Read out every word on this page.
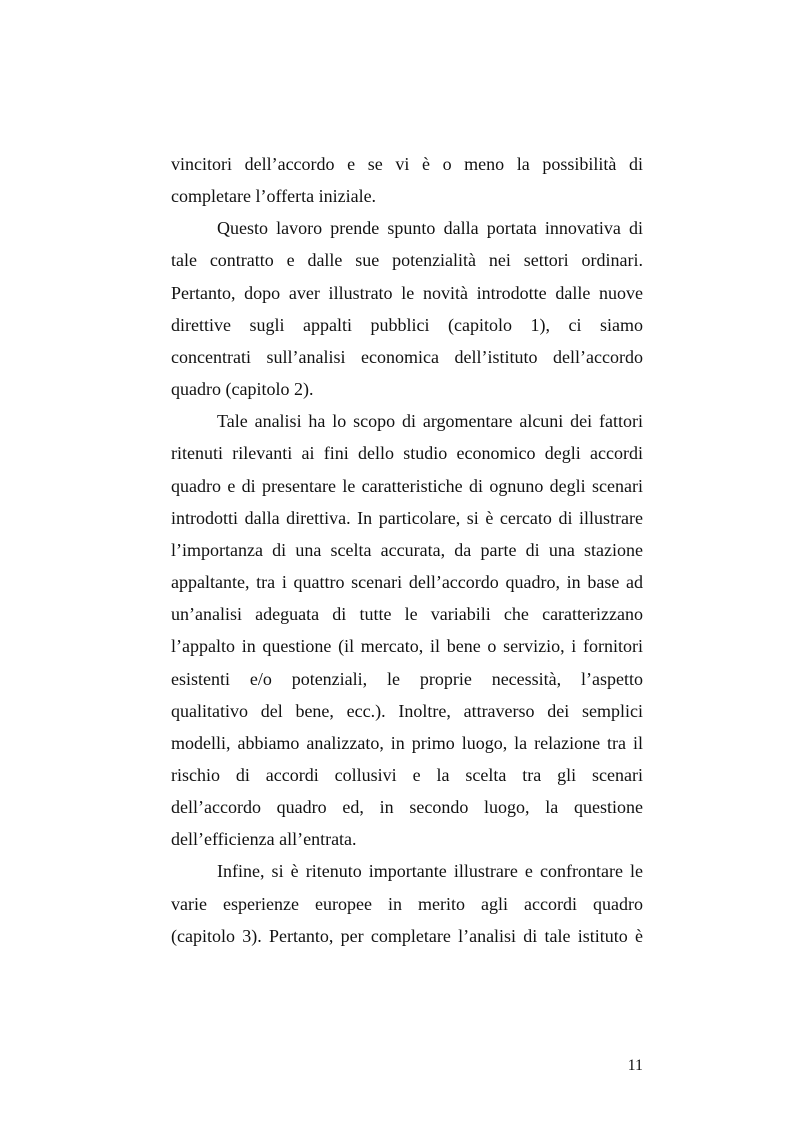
vincitori dell’accordo e se vi è o meno la possibilità di
completare l’offerta iniziale.
Questo lavoro prende spunto dalla portata innovativa di
tale contratto e dalle sue potenzialità nei settori ordinari.
Pertanto, dopo aver illustrato le novità introdotte dalle nuove
direttive sugli appalti pubblici (capitolo 1), ci siamo
concentrati sull’analisi economica dell’istituto dell’accordo
quadro (capitolo 2).
Tale analisi ha lo scopo di argomentare alcuni dei fattori
ritenuti rilevanti ai fini dello studio economico degli accordi
quadro e di presentare le caratteristiche di ognuno degli scenari
introdotti dalla direttiva. In particolare, si è cercato di illustrare
l’importanza di una scelta accurata, da parte di una stazione
appaltante, tra i quattro scenari dell’accordo quadro, in base ad
un’analisi adeguata di tutte le variabili che caratterizzano
l’appalto in questione (il mercato, il bene o servizio, i fornitori
esistenti e/o potenziali, le proprie necessità, l’aspetto
qualitativo del bene, ecc.). Inoltre, attraverso dei semplici
modelli, abbiamo analizzato, in primo luogo, la relazione tra il
rischio di accordi collusivi e la scelta tra gli scenari
dell’accordo quadro ed, in secondo luogo, la questione
dell’efficienza all’entrata.
Infine, si è ritenuto importante illustrare e confrontare le
varie esperienze europee in merito agli accordi quadro
(capitolo 3). Pertanto, per completare l’analisi di tale istituto è
11
